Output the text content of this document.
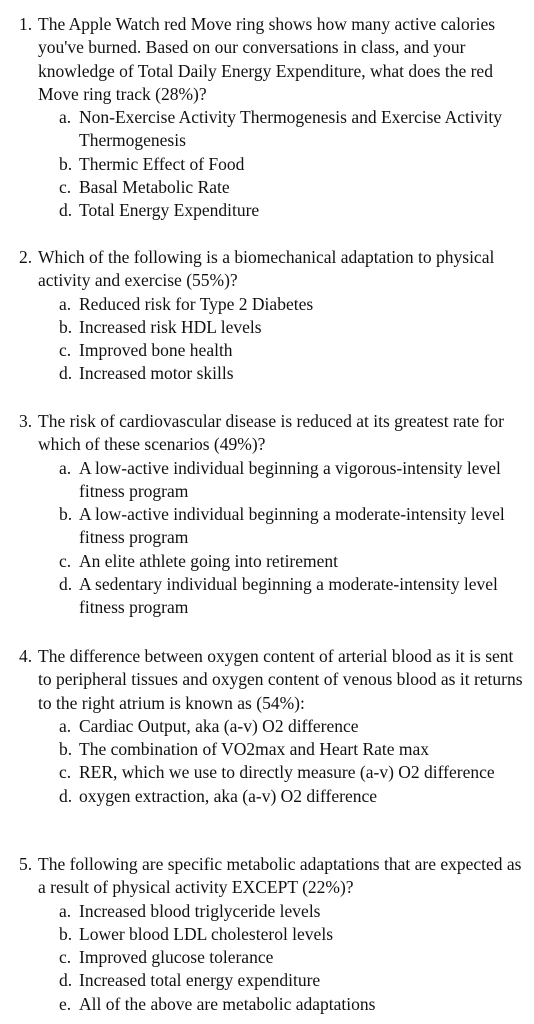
1. The Apple Watch red Move ring shows how many active calories you've burned. Based on our conversations in class, and your knowledge of Total Daily Energy Expenditure, what does the red Move ring track (28%)?

a. Non-Exercise Activity Thermogenesis and Exercise Activity Thermogenesis
b. Thermic Effect of Food
c. Basal Metabolic Rate
d. Total Energy Expenditure

2. Which of the following is a biomechanical adaptation to physical activity and exercise (55%)?

a. Reduced risk for Type 2 Diabetes
b. Increased risk HDL levels
c. Improved bone health
d. Increased motor skills

3. The risk of cardiovascular disease is reduced at its greatest rate for which of these scenarios (49%)?

a. A low-active individual beginning a vigorous-intensity level fitness program
b. A low-active individual beginning a moderate-intensity level fitness program
c. An elite athlete going into retirement
d. A sedentary individual beginning a moderate-intensity level fitness program

4. The difference between oxygen content of arterial blood as it is sent to peripheral tissues and oxygen content of venous blood as it returns to the right atrium is known as (54%):

a. Cardiac Output, aka (a-v) O2 difference
b. The combination of VO2max and Heart Rate max
c. RER, which we use to directly measure (a-v) O2 difference
d. oxygen extraction, aka (a-v) O2 difference

5. The following are specific metabolic adaptations that are expected as a result of physical activity EXCEPT (22%)?

a. Increased blood triglyceride levels
b. Lower blood LDL cholesterol levels
c. Improved glucose tolerance
d. Increased total energy expenditure
e. All of the above are metabolic adaptations
